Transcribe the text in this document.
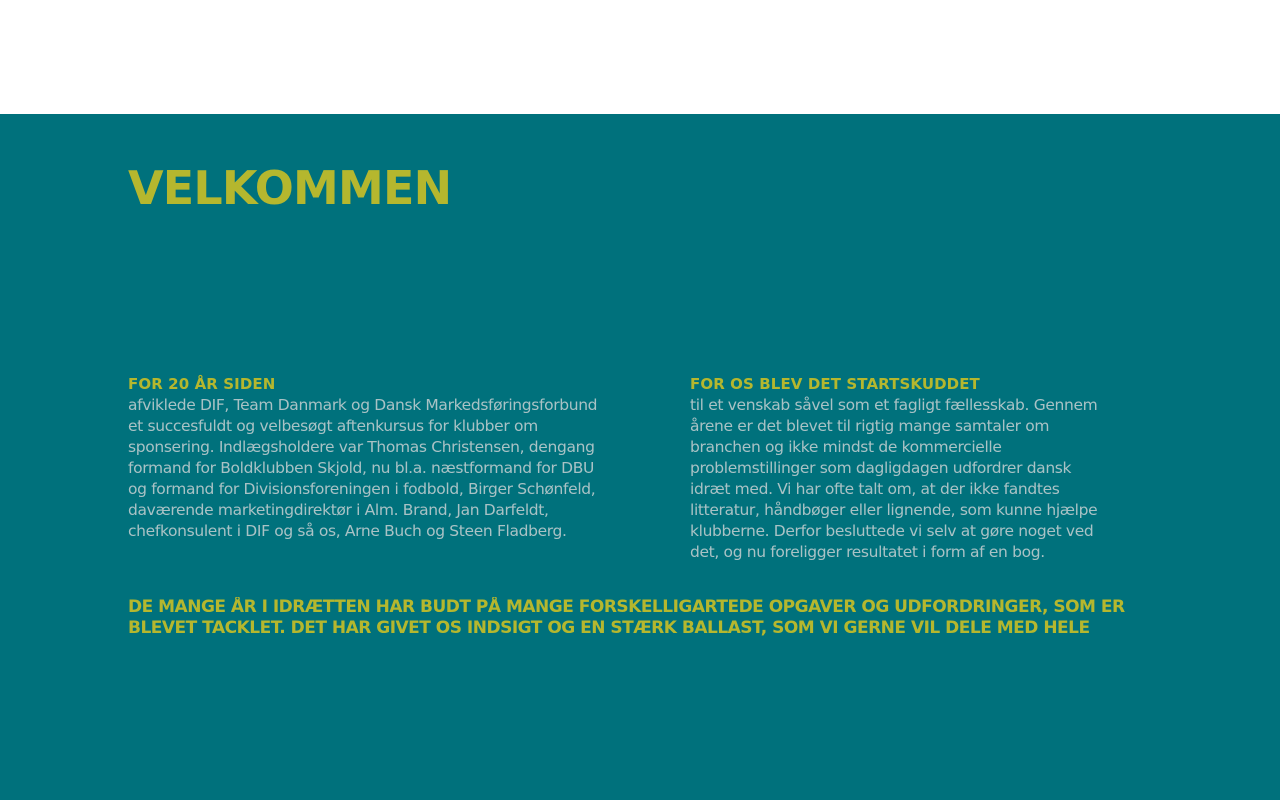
VELKOMMEN
FOR 20 ÅR SIDEN

afviklede DIF, Team Danmark og Dansk Markedsføringsforbund et succesfuldt og velbesøgt aftenkursus for klubber om sponsering. Indlægsholdere var Thomas Christensen, dengang formand for Boldklubben Skjold, nu bl.a. næstformand for DBU og formand for Divisionsforeningen i fodbold, Birger Schønfeld, daværende marketingdirektør i Alm. Brand, Jan Darfeldt, chefkonsulent i DIF og så os, Arne Buch og Steen Fladberg.

FOR OS BLEV DET STARTSKUDDET

til et venskab såvel som et fagligt fællesskab. Gennem årene er det blevet til rigtig mange samtaler om branchen og ikke mindst de kommercielle problemstillinger som dagligdagen udfordrer dansk idræt med. Vi har ofte talt om, at der ikke fandtes litteratur, håndbøger eller lignende, som kunne hjælpe klubberne. Derfor besluttede vi selv at gøre noget ved det, og nu foreligger resultatet i form af en bog.

DE MANGE ÅR I IDRÆTTEN HAR BUDT PÅ MANGE FORSKELLIGARTEDE OPGAVER OG UDFORDRINGER, SOM ER BLEVET TACKLET. DET HAR GIVET OS INDSIGT OG EN STÆRK BALLAST, SOM VI GERNE VIL DELE MED HELE
